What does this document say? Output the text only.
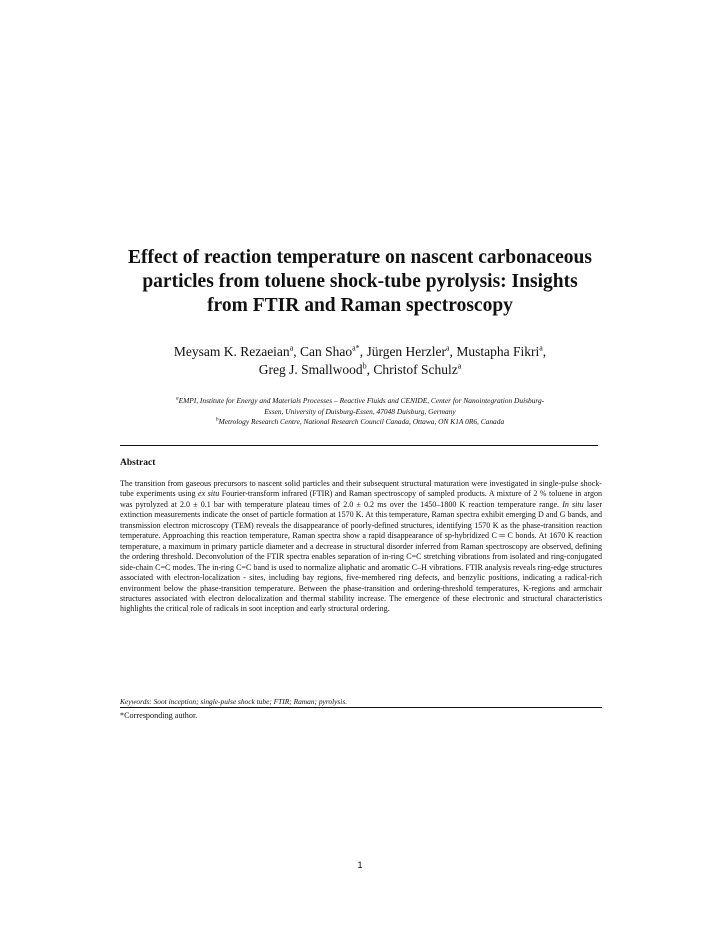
Effect of reaction temperature on nascent carbonaceous
particles from toluene shock-tube pyrolysis: Insights
from FTIR and Raman spectroscopy
Meysam K. Rezaeian$^a$, Can Shao$^{a*}$, Jürgen Herzler$^a$, Mustapha Fikri$^a$,
Greg J. Smallwood$^b$, Christof Schulz$^a$
$^a$EMPI, Institute for Energy and Materials Processes – Reactive Fluids and CENIDE, Center for Nanointegration Duisburg-
Essen, University of Duisburg-Essen, 47048 Duisburg, Germany
$^b$Metrology Research Centre, National Research Council Canada, Ottawa, ON K1A 0R6, Canada
Abstract

The transition from gaseous precursors to nascent solid particles and their subsequent structural maturation were investigated in single-pulse shock-tube experiments using ex situ Fourier-transform infrared (FTIR) and Raman spectroscopy of sampled products. A mixture of 2 % toluene in argon was pyrolyzed at 2.0 ± 0.1 bar with temperature plateau times of 2.0 ± 0.2 ms over the 1450–1800 K reaction temperature range. In situ laser extinction measurements indicate the onset of particle formation at 1570 K. At this temperature, Raman spectra exhibit emerging D and G bands, and transmission electron microscopy (TEM) reveals the disappearance of poorly-defined structures, identifying 1570 K as the phase-transition reaction temperature. Approaching this reaction temperature, Raman spectra show a rapid disappearance of sp-hybridized C ═ C bonds. At 1670 K reaction temperature, a maximum in primary particle diameter and a decrease in structural disorder inferred from Raman spectroscopy are observed, defining the ordering threshold. Deconvolution of the FTIR spectra enables separation of in-ring C=C stretching vibrations from isolated and ring-conjugated side-chain C=C modes. The in-ring C=C band is used to normalize aliphatic and aromatic C–H vibrations. FTIR analysis reveals ring-edge structures associated with electron-localization - sites, including bay regions, five-membered ring defects, and benzylic positions, indicating a radical-rich environment below the phase-transition temperature. Between the phase-transition and ordering-threshold temperatures, K-regions and armchair structures associated with electron delocalization and thermal stability increase. The emergence of these electronic and structural characteristics highlights the critical role of radicals in soot inception and early structural ordering.

Keywords: Soot inception; single-pulse shock tube; FTIR; Raman; pyrolysis.
*Corresponding author.
1
